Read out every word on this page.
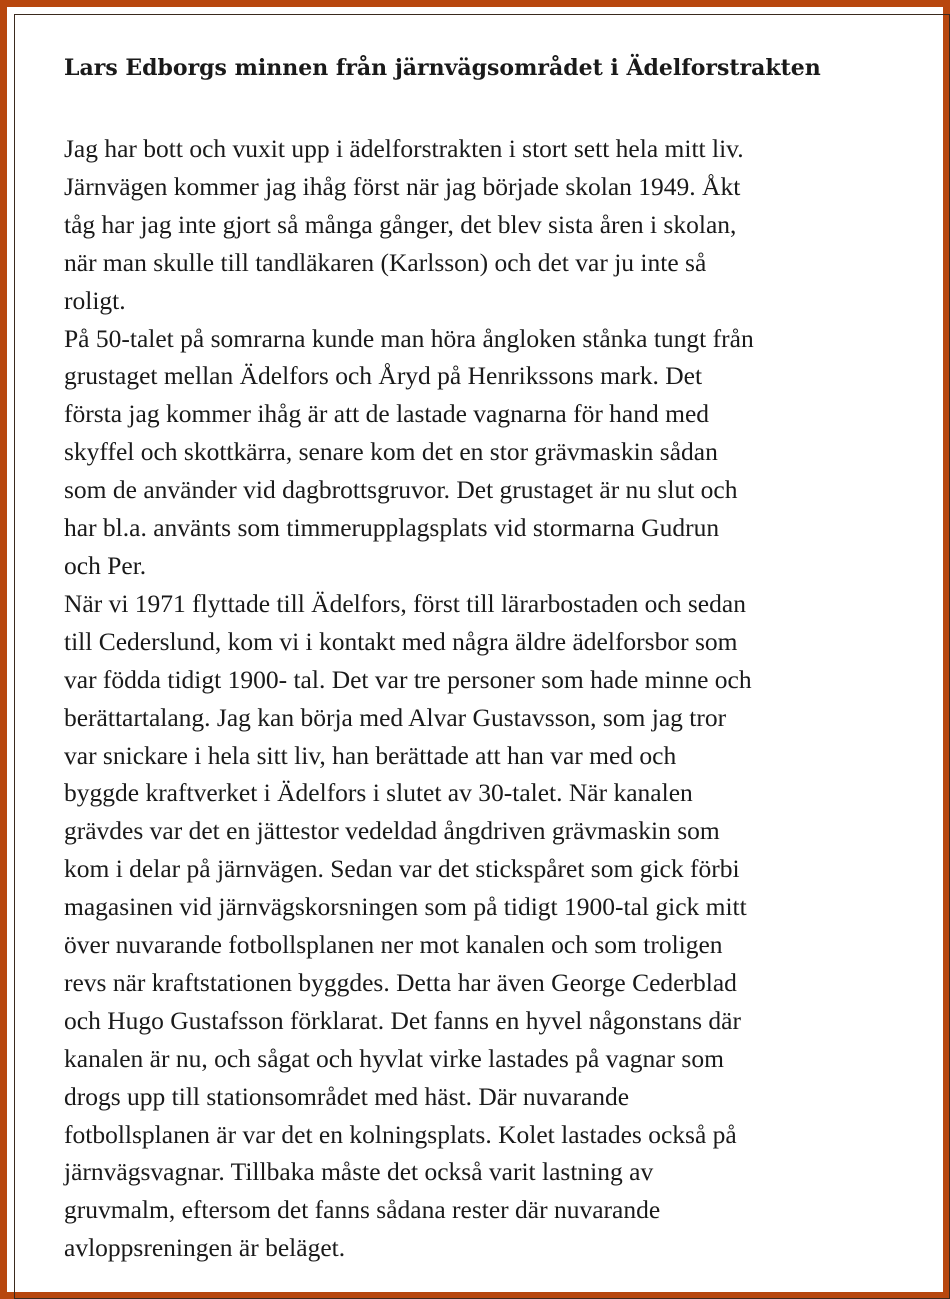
Lars Edborgs minnen från järnvägsområdet i Ädelforstrakten
Jag har bott och vuxit upp i ädelforstrakten i stort sett hela mitt liv.
Järnvägen kommer jag ihåg först när jag började skolan 1949. Åkt
tåg har jag inte gjort så många gånger, det blev sista åren i skolan,
när man skulle till tandläkaren (Karlsson) och det var ju inte så
roligt.
På 50-talet på somrarna kunde man höra ångloken stånka tungt från
grustaget mellan Ädelfors och Åryd på Henrikssons mark. Det
första jag kommer ihåg är att de lastade vagnarna för hand med
skyffel och skottkärra, senare kom det en stor grävmaskin sådan
som de använder vid dagbrottsgruvor. Det grustaget är nu slut och
har bl.a. använts som timmerupplagsplats vid stormarna Gudrun
och Per.
När vi 1971 flyttade till Ädelfors, först till lärarbostaden och sedan
till Cederslund, kom vi i kontakt med några äldre ädelforsbor som
var födda tidigt 1900- tal. Det var tre personer som hade minne och
berättartalang. Jag kan börja med Alvar Gustavsson, som jag tror
var snickare i hela sitt liv, han berättade att han var med och
byggde kraftverket i Ädelfors i slutet av 30-talet. När kanalen
grävdes var det en jättestor vedeldad ångdriven grävmaskin som
kom i delar på järnvägen. Sedan var det stickspåret som gick förbi
magasinen vid järnvägskorsningen som på tidigt 1900-tal gick mitt
över nuvarande fotbollsplanen ner mot kanalen och som troligen
revs när kraftstationen byggdes. Detta har även George Cederblad
och Hugo Gustafsson förklarat. Det fanns en hyvel någonstans där
kanalen är nu, och sågat och hyvlat virke lastades på vagnar som
drogs upp till stationsområdet med häst. Där nuvarande
fotbollsplanen är var det en kolningsplats. Kolet lastades också på
järnvägsvagnar. Tillbaka måste det också varit lastning av
gruvmalm, eftersom det fanns sådana rester där nuvarande
avloppsreningen är beläget.
